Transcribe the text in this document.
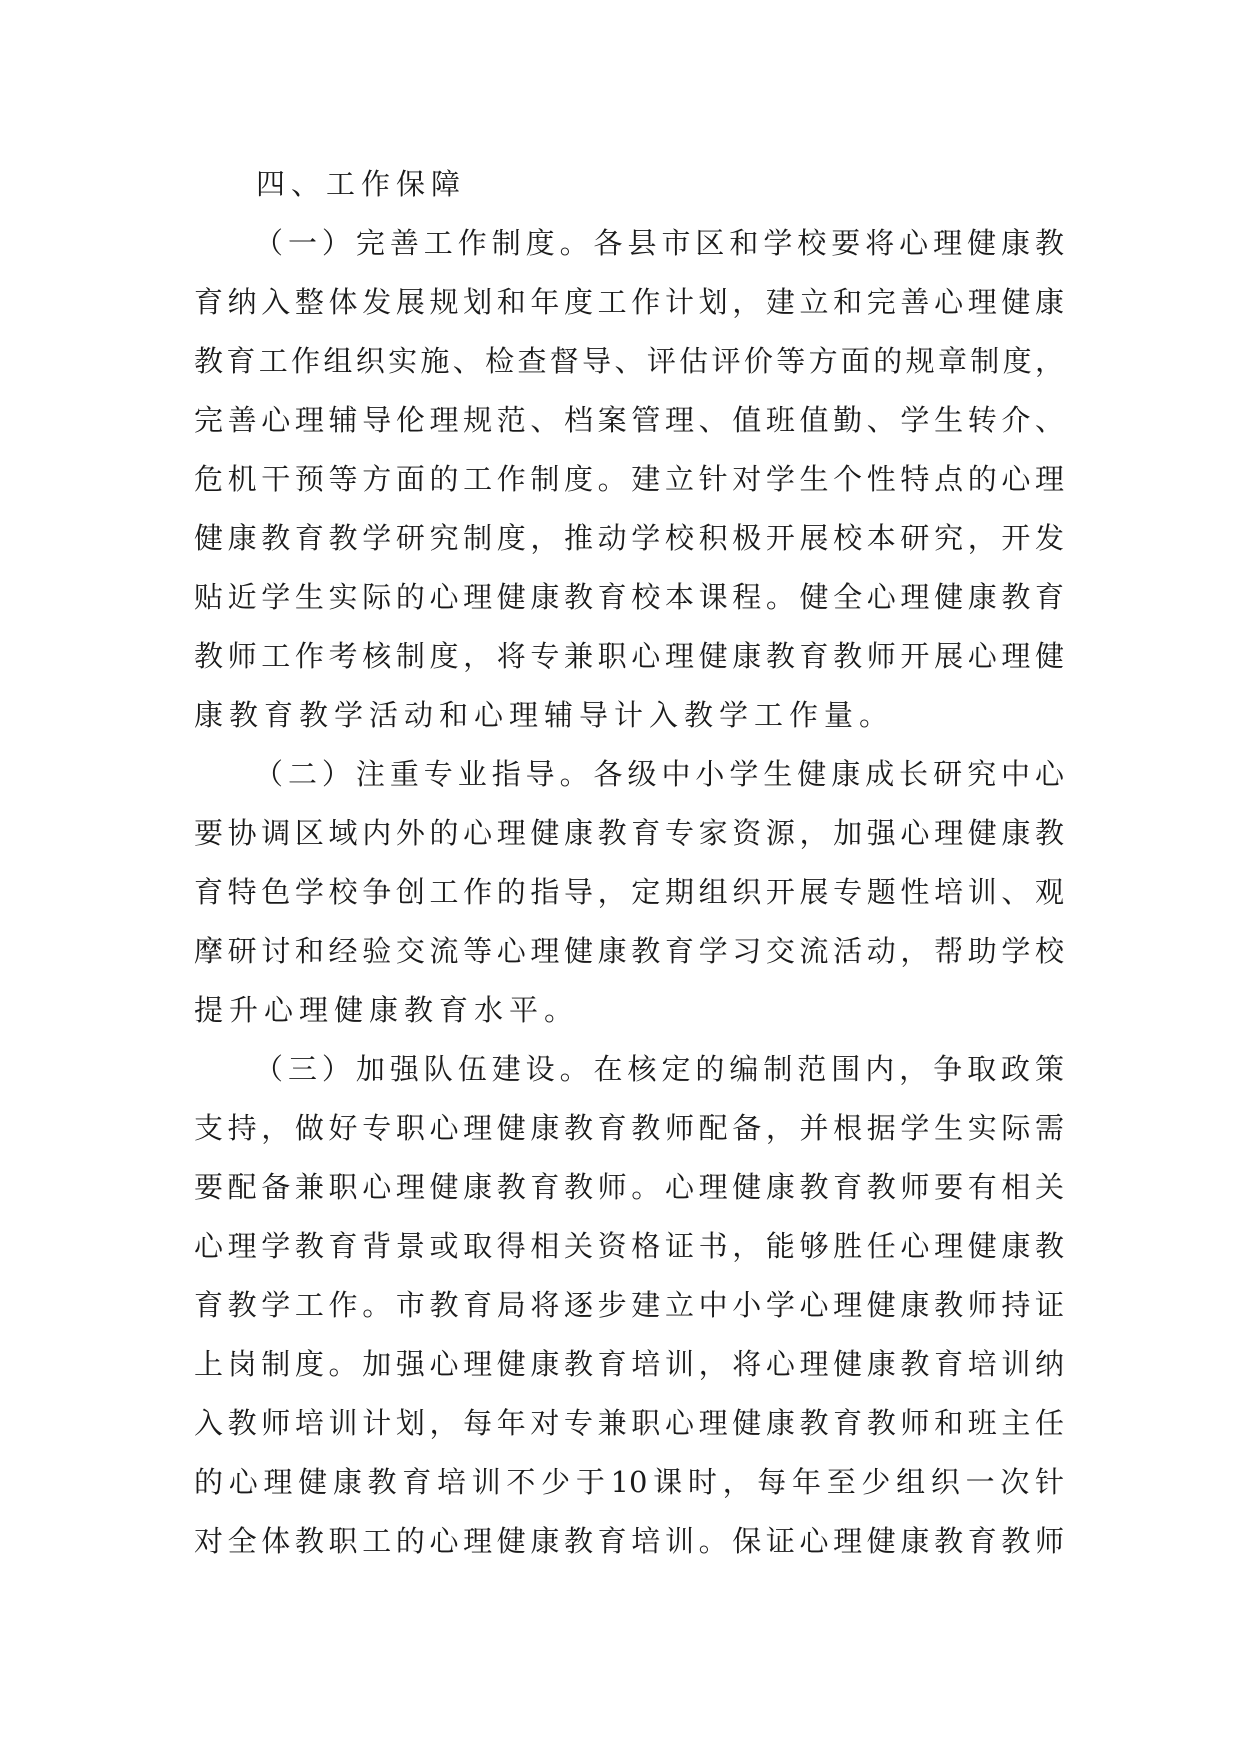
四、工作保障
（一）完善工作制度。各县市区和学校要将心理健康教
育纳入整体发展规划和年度工作计划，建立和完善心理健康
教育工作组织实施、检查督导、评估评价等方面的规章制度，
完善心理辅导伦理规范、档案管理、值班值勤、学生转介、
危机干预等方面的工作制度。建立针对学生个性特点的心理
健康教育教学研究制度，推动学校积极开展校本研究，开发
贴近学生实际的心理健康教育校本课程。健全心理健康教育
教师工作考核制度，将专兼职心理健康教育教师开展心理健
康教育教学活动和心理辅导计入教学工作量。
（二）注重专业指导。各级中小学生健康成长研究中心
要协调区域内外的心理健康教育专家资源，加强心理健康教
育特色学校争创工作的指导，定期组织开展专题性培训、观
摩研讨和经验交流等心理健康教育学习交流活动，帮助学校
提升心理健康教育水平。
（三）加强队伍建设。在核定的编制范围内，争取政策
支持，做好专职心理健康教育教师配备，并根据学生实际需
要配备兼职心理健康教育教师。心理健康教育教师要有相关
心理学教育背景或取得相关资格证书，能够胜任心理健康教
育教学工作。市教育局将逐步建立中小学心理健康教师持证
上岗制度。加强心理健康教育培训，将心理健康教育培训纳
入教师培训计划，每年对专兼职心理健康教育教师和班主任
的心理健康教育培训不少于10课时，每年至少组织一次针
对全体教职工的心理健康教育培训。保证心理健康教育教师
